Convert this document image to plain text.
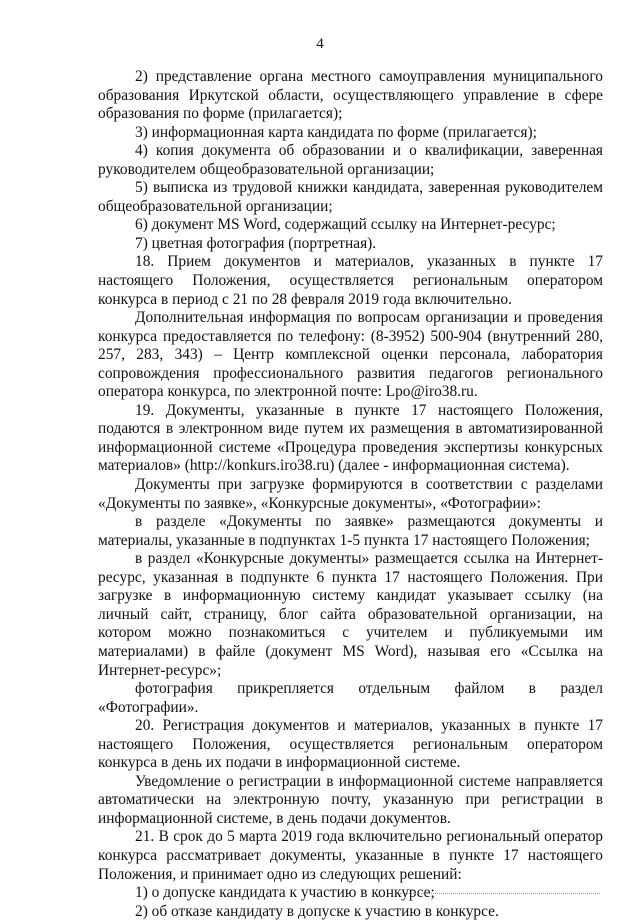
4

2) представление органа местного самоуправления муниципального образования Иркутской области, осуществляющего управление в сфере образования по форме (прилагается);

3) информационная карта кандидата по форме (прилагается);

4) копия документа об образовании и о квалификации, заверенная руководителем общеобразовательной организации;

5) выписка из трудовой книжки кандидата, заверенная руководителем общеобразовательной организации;

6) документ MS Word, содержащий ссылку на Интернет-ресурс;

7) цветная фотография (портретная).

18. Прием документов и материалов, указанных в пункте 17 настоящего Положения, осуществляется региональным оператором конкурса в период с 21 по 28 февраля 2019 года включительно.

Дополнительная информация по вопросам организации и проведения конкурса предоставляется по телефону: (8-3952) 500-904 (внутренний 280, 257, 283, 343) – Центр комплексной оценки персонала, лаборатория сопровождения профессионального развития педагогов регионального оператора конкурса, по электронной почте: Lpo@iro38.ru.

19. Документы, указанные в пункте 17 настоящего Положения, подаются в электронном виде путем их размещения в автоматизированной информационной системе «Процедура проведения экспертизы конкурсных материалов» (http://konkurs.iro38.ru) (далее - информационная система).

Документы при загрузке формируются в соответствии с разделами «Документы по заявке», «Конкурсные документы», «Фотографии»:

в разделе «Документы по заявке» размещаются документы и материалы, указанные в подпунктах 1-5 пункта 17 настоящего Положения;

в раздел «Конкурсные документы» размещается ссылка на Интернет-ресурс, указанная в подпункте 6 пункта 17 настоящего Положения. При загрузке в информационную систему кандидат указывает ссылку (на личный сайт, страницу, блог сайта образовательной организации, на котором можно познакомиться с учителем и публикуемыми им материалами) в файле (документ MS Word), называя его «Ссылка на Интернет-ресурс»;

фотография прикрепляется отдельным файлом в раздел «Фотографии».

20. Регистрация документов и материалов, указанных в пункте 17 настоящего Положения, осуществляется региональным оператором конкурса в день их подачи в информационной системе.

Уведомление о регистрации в информационной системе направляется автоматически на электронную почту, указанную при регистрации в информационной системе, в день подачи документов.

21. В срок до 5 марта 2019 года включительно региональный оператор конкурса рассматривает документы, указанные в пункте 17 настоящего Положения, и принимает одно из следующих решений:

1) о допуске кандидата к участию в конкурсе;

2) об отказе кандидату в допуске к участию в конкурсе.
